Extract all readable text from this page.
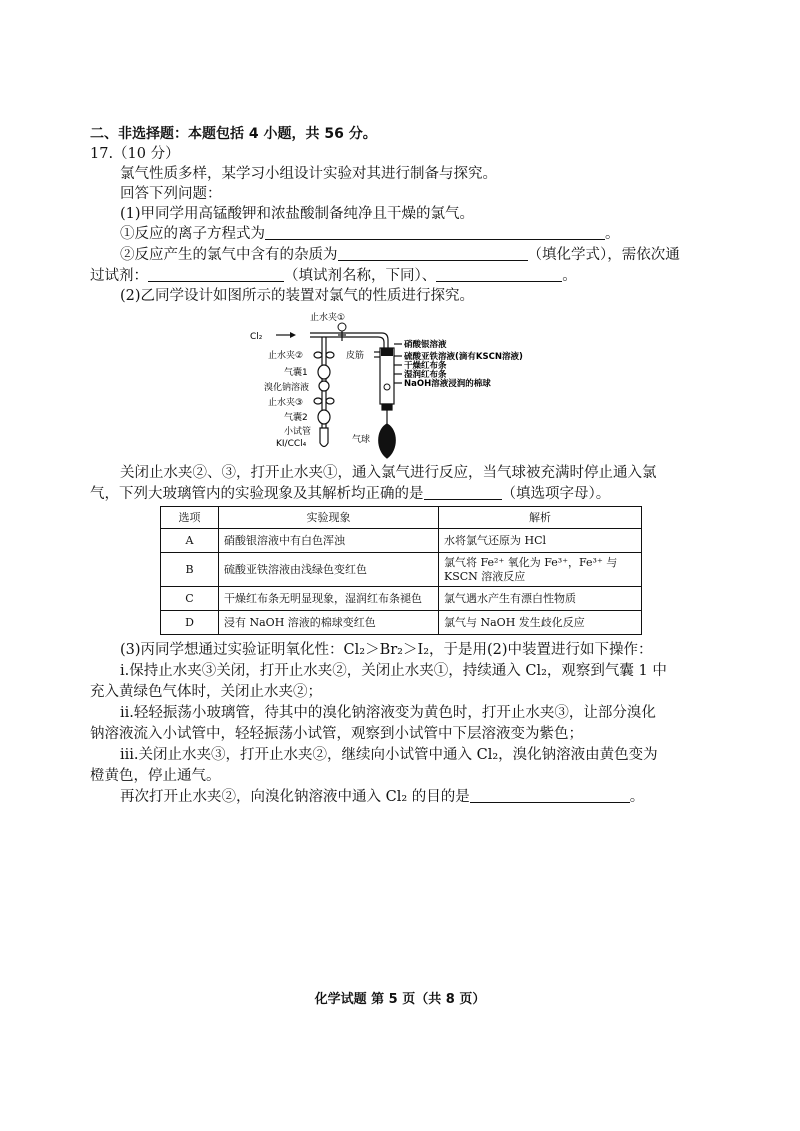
二、非选择题：本题包括 4 小题，共 56 分。
17.（10 分）
氯气性质多样，某学习小组设计实验对其进行制备与探究。
回答下列问题：
(1)甲同学用高锰酸钾和浓盐酸制备纯净且干燥的氯气。
①反应的离子方程式为	。
②反应产生的氯气中含有的杂质为	（填化学式），需依次通
过试剂：	（填试剂名称，下同）、	。
(2)乙同学设计如图所示的装置对氯气的性质进行探究。
Cl₂
止水夹①
止水夹②
气囊1
溴化钠溶液
止水夹③
气囊2
小试管
KI/CCl₄
皮筋
硝酸银溶液
硫酸亚铁溶液(滴有KSCN溶液)
干燥红布条
湿润红布条
NaOH溶液浸润的棉球
气球
关闭止水夹②、③，打开止水夹①，通入氯气进行反应，当气球被充满时停止通入氯
气，下列大玻璃管内的实验现象及其解析均正确的是	（填选项字母）。
选项	实验现象	解析
A	硝酸银溶液中有白色浑浊	水将氯气还原为 HCl
B	硫酸亚铁溶液由浅绿色变红色	氯气将 Fe²⁺ 氧化为 Fe³⁺，Fe³⁺ 与 KSCN 溶液反应
C	干燥红布条无明显现象，湿润红布条褪色	氯气遇水产生有漂白性物质
D	浸有 NaOH 溶液的棉球变红色	氯气与 NaOH 发生歧化反应
(3)丙同学想通过实验证明氧化性：Cl₂＞Br₂＞I₂，于是用(2)中装置进行如下操作：
ⅰ.保持止水夹③关闭，打开止水夹②，关闭止水夹①，持续通入 Cl₂，观察到气囊 1 中
充入黄绿色气体时，关闭止水夹②；
ⅱ.轻轻振荡小玻璃管，待其中的溴化钠溶液变为黄色时，打开止水夹③，让部分溴化
钠溶液流入小试管中，轻轻振荡小试管，观察到小试管中下层溶液变为紫色；
ⅲ.关闭止水夹③，打开止水夹②，继续向小试管中通入 Cl₂，溴化钠溶液由黄色变为
橙黄色，停止通气。
再次打开止水夹②，向溴化钠溶液中通入 Cl₂ 的目的是	。
化学试题 第 5 页（共 8 页）
